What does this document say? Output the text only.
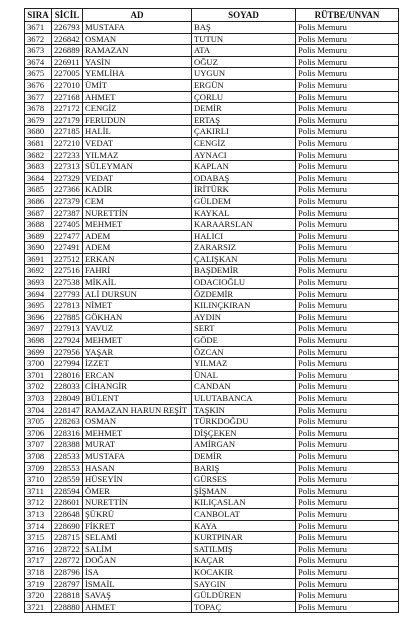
SIRA	SİCİL	AD	SOYAD	RÜTBE/UNVAN
3671	226793	MUSTAFA	BAŞ	Polis Memuru
3672	226842	OSMAN	TUTUN	Polis Memuru
3673	226889	RAMAZAN	ATA	Polis Memuru
3674	226911	YASİN	OĞUZ	Polis Memuru
3675	227005	YEMLİHA	UYGUN	Polis Memuru
3676	227010	ÜMİT	ERGÜN	Polis Memuru
3677	227168	AHMET	ÇORLU	Polis Memuru
3678	227172	CENGİZ	DEMİR	Polis Memuru
3679	227179	FERUDUN	ERTAŞ	Polis Memuru
3680	227185	HALİL	ÇAKIRLI	Polis Memuru
3681	227210	VEDAT	CENGİZ	Polis Memuru
3682	227233	YILMAZ	AYNACI	Polis Memuru
3683	227313	SÜLEYMAN	KAPLAN	Polis Memuru
3684	227329	VEDAT	ODABAŞ	Polis Memuru
3685	227366	KADİR	İRİTÜRK	Polis Memuru
3686	227379	CEM	GÜLDEM	Polis Memuru
3687	227387	NURETTİN	KAYKAL	Polis Memuru
3688	227405	MEHMET	KARAARSLAN	Polis Memuru
3689	227477	ADEM	HALICI	Polis Memuru
3690	227491	ADEM	ZARARSIZ	Polis Memuru
3691	227512	ERKAN	ÇALIŞKAN	Polis Memuru
3692	227516	FAHRİ	BAŞDEMİR	Polis Memuru
3693	227538	MİKAİL	ODACIOĞLU	Polis Memuru
3694	227793	ALİ DURSUN	ÖZDEMİR	Polis Memuru
3695	227813	NİMET	KILINÇKIRAN	Polis Memuru
3696	227885	GÖKHAN	AYDIN	Polis Memuru
3697	227913	YAVUZ	SERT	Polis Memuru
3698	227924	MEHMET	GÖDE	Polis Memuru
3699	227956	YAŞAR	ÖZCAN	Polis Memuru
3700	227994	İZZET	YILMAZ	Polis Memuru
3701	228016	ERCAN	ÜNAL	Polis Memuru
3702	228033	CİHANGİR	CANDAN	Polis Memuru
3703	228049	BÜLENT	ULUTABANCA	Polis Memuru
3704	228147	RAMAZAN HARUN REŞİT	TAŞKIN	Polis Memuru
3705	228263	OSMAN	TÜRKDOĞDU	Polis Memuru
3706	228316	MEHMET	DİŞÇEKEN	Polis Memuru
3707	228388	MURAT	AMİRGAN	Polis Memuru
3708	228533	MUSTAFA	DEMİR	Polis Memuru
3709	228553	HASAN	BARIŞ	Polis Memuru
3710	228559	HÜSEYİN	GÜRSES	Polis Memuru
3711	228594	ÖMER	ŞİŞMAN	Polis Memuru
3712	228601	NURETTİN	KILIÇASLAN	Polis Memuru
3713	228648	ŞÜKRÜ	CANBOLAT	Polis Memuru
3714	228690	FİKRET	KAYA	Polis Memuru
3715	228715	SELAMİ	KURTPINAR	Polis Memuru
3716	228722	SALİM	SATILMIŞ	Polis Memuru
3717	228772	DOĞAN	KAÇAR	Polis Memuru
3718	228796	İSA	KOCAKIR	Polis Memuru
3719	228797	İSMAİL	SAYGIN	Polis Memuru
3720	228818	SAVAŞ	GÜLDÜREN	Polis Memuru
3721	228880	AHMET	TOPAÇ	Polis Memuru
